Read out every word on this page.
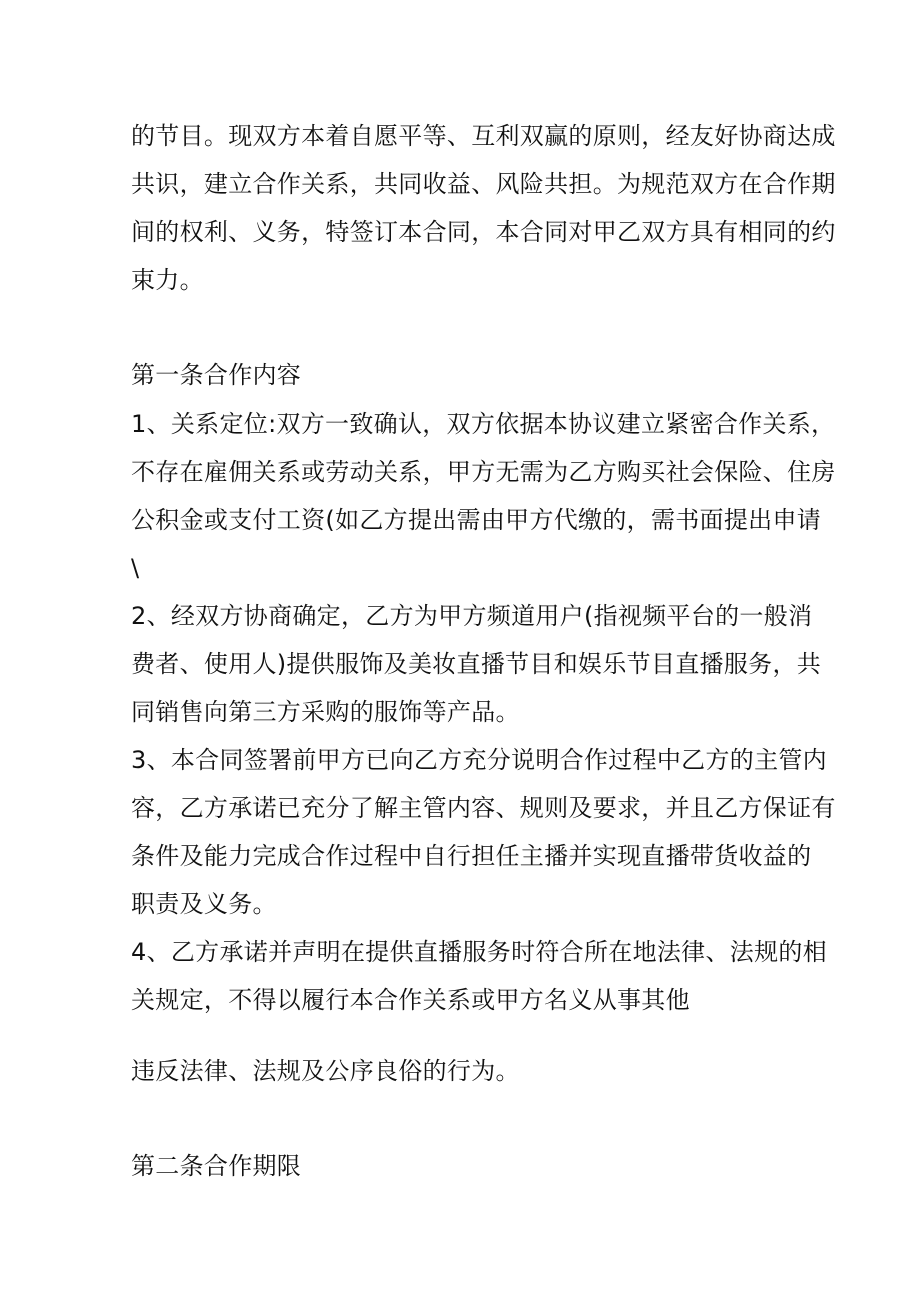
的节目。现双方本着自愿平等、互利双赢的原则，经友好协商达成
共识，建立合作关系，共同收益、风险共担。为规范双方在合作期
间的权利、义务，特签订本合同，本合同对甲乙双方具有相同的约
束力。
第一条合作内容
1、关系定位:双方一致确认，双方依据本协议建立紧密合作关系，
不存在雇佣关系或劳动关系，甲方无需为乙方购买社会保险、住房
公积金或支付工资(如乙方提出需由甲方代缴的，需书面提出申请
\
2、经双方协商确定，乙方为甲方频道用户(指视频平台的一般消
费者、使用人)提供服饰及美妆直播节目和娱乐节目直播服务，共
同销售向第三方采购的服饰等产品。
3、本合同签署前甲方已向乙方充分说明合作过程中乙方的主管内
容，乙方承诺已充分了解主管内容、规则及要求，并且乙方保证有
条件及能力完成合作过程中自行担任主播并实现直播带货收益的
职责及义务。
4、乙方承诺并声明在提供直播服务时符合所在地法律、法规的相
关规定，不得以履行本合作关系或甲方名义从事其他
违反法律、法规及公序良俗的行为。
第二条合作期限
